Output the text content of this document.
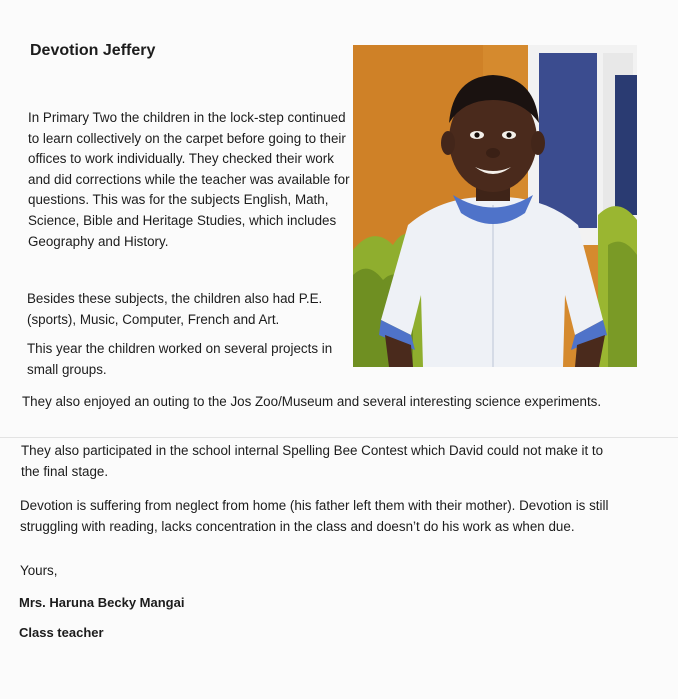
Devotion Jeffery

In Primary Two the children in the lock-step continued to learn collectively on the carpet before going to their offices to work individually. They checked their work and did corrections while the teacher was available for questions. This was for the subjects English, Math, Science, Bible and Heritage Studies, which includes Geography and History.

Besides these subjects, the children also had P.E. (sports), Music, Computer, French and Art.

This year the children worked on several projects in small groups.

They also enjoyed an outing to the Jos Zoo/Museum and several interesting science experiments.

They also participated in the school internal Spelling Bee Contest which David could not make it to the final stage.

Devotion is suffering from neglect from home (his father left them with their mother). Devotion is still struggling with reading, lacks concentration in the class and doesn’t do his work as when due.

Yours,

Mrs. Haruna Becky Mangai

Class teacher
